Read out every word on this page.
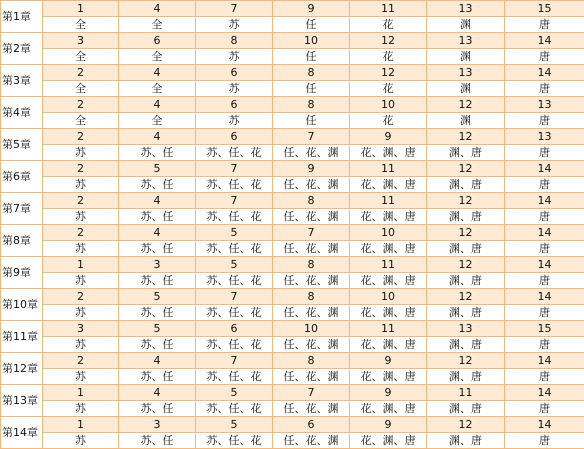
第1章	1	4	7	9	11	13	15
	全	全	苏	任	花	渊	唐
第2章	3	6	8	10	12	13	14
	全	全	苏	任	花	渊	唐
第3章	2	4	6	8	12	13	14
	全	全	苏	任	花	渊	唐
第4章	2	4	6	8	10	12	13
	全	全	苏	任	花	渊	唐
第5章	2	4	6	7	9	12	13
	苏	苏、任	苏、任、花	任、花、渊	花、渊、唐	渊、唐	唐
第6章	2	5	7	9	11	12	14
	苏	苏、任	苏、任、花	任、花、渊	花、渊、唐	渊、唐	唐
第7章	2	4	7	8	11	12	14
	苏	苏、任	苏、任、花	任、花、渊	花、渊、唐	渊、唐	唐
第8章	2	4	5	7	10	12	14
	苏	苏、任	苏、任、花	任、花、渊	花、渊、唐	渊、唐	唐
第9章	1	3	5	8	11	12	14
	苏	苏、任	苏、任、花	任、花、渊	花、渊、唐	渊、唐	唐
第10章	2	5	7	8	10	12	14
	苏	苏、任	苏、任、花	任、花、渊	花、渊、唐	渊、唐	唐
第11章	3	5	6	10	11	13	15
	苏	苏、任	苏、任、花	任、花、渊	花、渊、唐	渊、唐	唐
第12章	2	4	7	8	9	12	14
	苏	苏、任	苏、任、花	任、花、渊	花、渊、唐	渊、唐	唐
第13章	1	4	5	7	9	11	14
	苏	苏、任	苏、任、花	任、花、渊	花、渊、唐	渊、唐	唐
第14章	1	3	5	6	9	12	14
	苏	苏、任	苏、任、花	任、花、渊	花、渊、唐	渊、唐	唐
